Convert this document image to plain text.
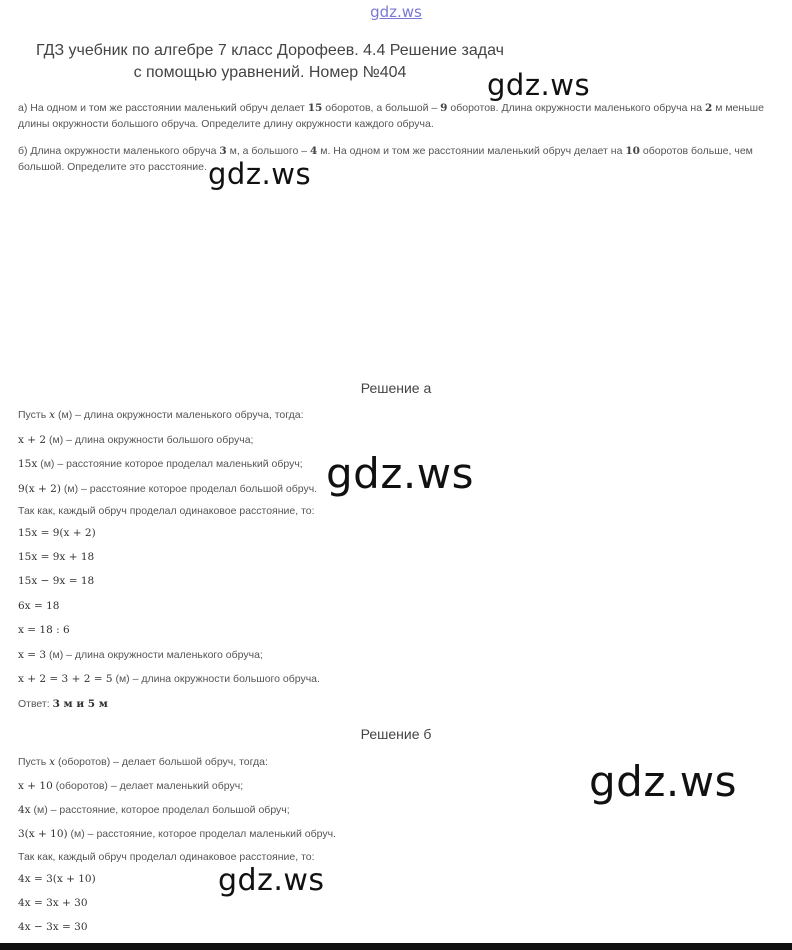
gdz.ws
ГДЗ учебник по алгебре 7 класс Дорофеев. 4.4 Решение задач
с помощью уравнений. Номер №404
а) На одном и том же расстоянии маленький обруч делает 15 оборотов, а большой – 9 оборотов. Длина окружности маленького обруча на 2 м меньше длины окружности большого обруча. Определите длину окружности каждого обруча.
б) Длина окружности маленького обруча 3 м, а большого – 4 м. На одном и том же расстоянии маленький обруч делает на 10 оборотов больше, чем большой. Определите это расстояние.
Решение а
Пусть x (м) – длина окружности маленького обруча, тогда:
x + 2 (м) – длина окружности большого обруча;
15x (м) – расстояние которое проделал маленький обруч;
9(x + 2) (м) – расстояние которое проделал большой обруч.
Так как, каждый обруч проделал одинаковое расстояние, то:
15x = 9(x + 2)
15x = 9x + 18
15x − 9x = 18
6x = 18
x = 18 : 6
x = 3 (м) – длина окружности маленького обруча;
x + 2 = 3 + 2 = 5 (м) – длина окружности большого обруча.
Ответ: 3 м и 5 м
Решение б
Пусть x (оборотов) – делает большой обруч, тогда:
x + 10 (оборотов) – делает маленький обруч;
4x (м) – расстояние, которое проделал большой обруч;
3(x + 10) (м) – расстояние, которое проделал маленький обруч.
Так как, каждый обруч проделал одинаковое расстояние, то:
4x = 3(x + 10)
4x = 3x + 30
4x − 3x = 30
gdz.ws
gdz.ws
gdz.ws
gdz.ws
gdz.ws
